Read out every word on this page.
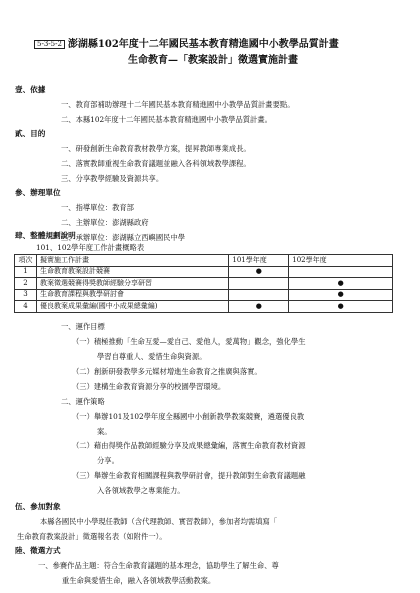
5-3-5-2 澎湖縣102年度十二年國民基本教育精進國中小教學品質計畫
生命教育—「教案設計」徵選實施計畫
壹、依據
一、教育部補助辦理十二年國民基本教育精進國中小教學品質計畫要點。
二、本縣102年度十二年國民基本教育精進國中小教學品質計畫。
貳、目的
一、研發創新生命教育教材教學方案，提昇教師專業成長。
二、落實教師重視生命教育議題並融入各科領域教學課程。
三、分享教學經驗及資源共享。
參、辦理單位
一、指導單位：教育部
二、主辦單位：澎湖縣政府
三、承辦單位：澎湖縣立西嶼國民中學
肆、整體規劃說明
101、102學年度工作計畫概略表
項次	擬實施工作計畫	101學年度	102學年度
1	生命教育教案設計競賽	●	
2	教案徵選競賽得獎教師經驗分享研習		●
3	生命教育課程與教學研討會		●
4	優良教案成果彙編(國中小成果總彙編)	●	●
一、運作目標
（一）積極推動「生命互愛—愛自己、愛他人，愛萬物」觀念，強化學生
學習自尊重人、愛惜生命與資源。
（二）創新研發教學多元媒材增進生命教育之推廣與落實。
（三）建構生命教育資源分享的校園學習環境。
二、運作策略
（一）舉辦101及102學年度全縣國中小創新教學教案競賽，遴選優良教
案。
（二）藉由得獎作品教師經驗分享及成果總彙編，落實生命教育教材資源
分享。
（三）舉辦生命教育相關課程與教學研討會，提升教師對生命教育議題融
入各領域教學之專業能力。
伍、參加對象
本縣各國民中小學現任教師（含代理教師、實習教師），參加者均需填寫「
生命教育教案設計」徵選報名表（如附件一）。
陸、徵選方式
一、參賽作品主題：符合生命教育議題的基本理念，協助學生了解生命、尊
重生命與愛惜生命，融入各領域教學活動教案。
